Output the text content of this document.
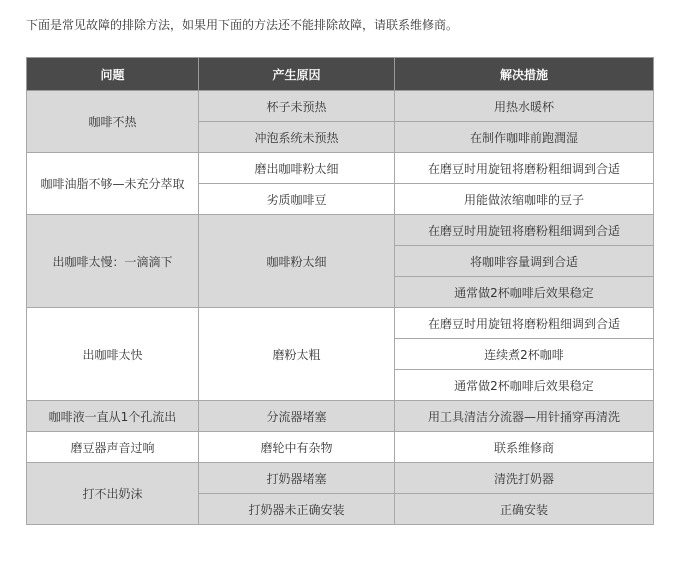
下面是常见故障的排除方法，如果用下面的方法还不能排除故障，请联系维修商。
问题	产生原因	解决措施
咖啡不热	杯子未预热	用热水暖杯
	冲泡系统未预热	在制作咖啡前跑潤湿
咖啡油脂不够—未充分萃取	磨出咖啡粉太细	在磨豆时用旋钮将磨粉粗细调到合适
	劣质咖啡豆	用能做浓缩咖啡的豆子
出咖啡太慢：一滴滴下	咖啡粉太细	在磨豆时用旋钮将磨粉粗细调到合适
		将咖啡容量调到合适
		通常做2杯咖啡后效果稳定
出咖啡太快	磨粉太粗	在磨豆时用旋钮将磨粉粗细调到合适
		连续煮2杯咖啡
		通常做2杯咖啡后效果稳定
咖啡液一直从1个孔流出	分流器堵塞	用工具清洁分流器—用针捅穿再清洗
磨豆器声音过响	磨轮中有杂物	联系维修商
打不出奶沫	打奶器堵塞	清洗打奶器
	打奶器未正确安装	正确安装
